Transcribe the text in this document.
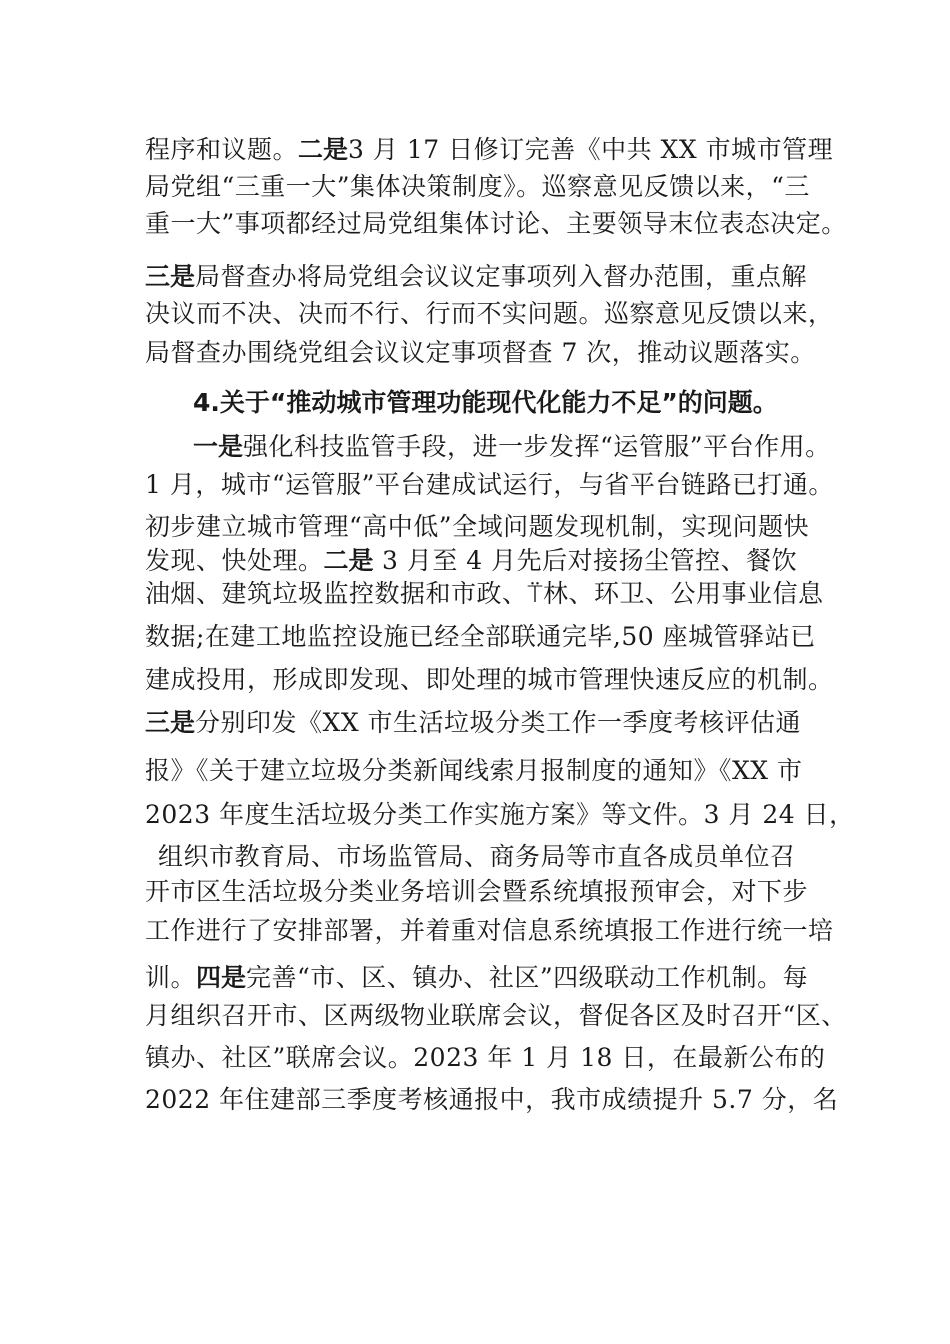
程序和议题。二是3 月 17 日修订完善《中共 XX 市城市管理
局党组“三重一大”集体决策制度》。巡察意见反馈以来，“三
重一大”事项都经过局党组集体讨论、主要领导末位表态决定。
三是局督查办将局党组会议议定事项列入督办范围，重点解
决议而不决、决而不行、行而不实问题。巡察意见反馈以来，
局督查办围绕党组会议议定事项督查 7 次，推动议题落实。
4.关于“推动城市管理功能现代化能力不足”的问题。
一是强化科技监管手段，进一步发挥“运管服”平台作用。
1 月，城市“运管服”平台建成试运行，与省平台链路已打通。
初步建立城市管理“高中低”全域问题发现机制，实现问题快
发现、快处理。二是 3 月至 4 月先后对接扬尘管控、餐饮
油烟、建筑垃圾监控数据和市政、⍡林、环卫、公用事业信息
数据;在建工地监控设施已经全部联通完毕,50 座城管驿站已
建成投用，形成即发现、即处理的城市管理快速反应的机制。
三是分别印发《XX 市生活垃圾分类工作一季度考核评估通
报》《关于建立垃圾分类新闻线索月报制度的通知》《XX 市
2023 年度生活垃圾分类工作实施方案》等文件。3 月 24 日，
组织市教育局、市场监管局、商务局等市直各成员单位召
开市区生活垃圾分类业务培训会暨系统填报预审会，对下步
工作进行了安排部署，并着重对信息系统填报工作进行统一培
训。四是完善“市、区、镇办、社区”四级联动工作机制。每
月组织召开市、区两级物业联席会议，督促各区及时召开“区、
镇办、社区”联席会议。2023 年 1 月 18 日，在最新公布的
2022 年住建部三季度考核通报中，我市成绩提升 5.7 分，名
